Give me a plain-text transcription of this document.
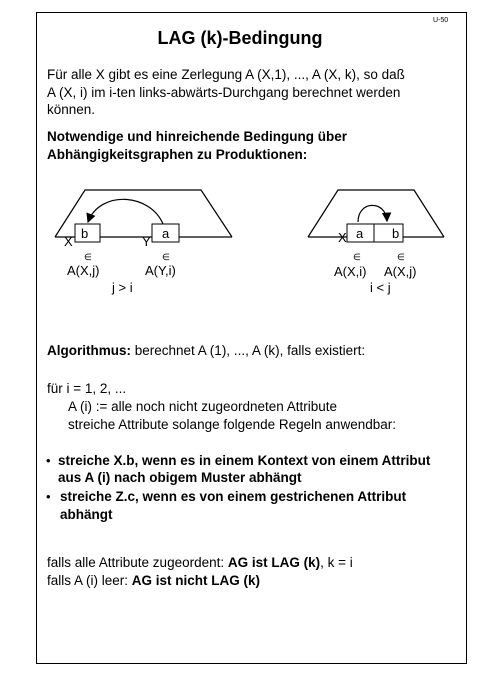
U-50
LAG (k)-Bedingung
Für alle X gibt es eine Zerlegung A (X,1), ..., A (X, k), so daß
A (X, i) im i-ten links-abwärts-Durchgang berechnet werden
können.
Notwendige und hinreichende Bedingung über
Abhängigkeitsgraphen zu Produktionen:
b	a
X	Y
∈	∈
A(X,j)	A(Y,i)
j > i
a b
X
∈	∈
A(X,i) A(X,j)
i < j
Algorithmus: berechnet A (1), ..., A (k), falls existiert:
für i = 1, 2, ...
A (i) := alle noch nicht zugeordneten Attribute
streiche Attribute solange folgende Regeln anwendbar:
• streiche X.b, wenn es in einem Kontext von einem Attribut
aus A (i) nach obigem Muster abhängt
• streiche Z.c, wenn es von einem gestrichenen Attribut
abhängt
falls alle Attribute zugeordent: AG ist LAG (k), k = i
falls A (i) leer: AG ist nicht LAG (k)
